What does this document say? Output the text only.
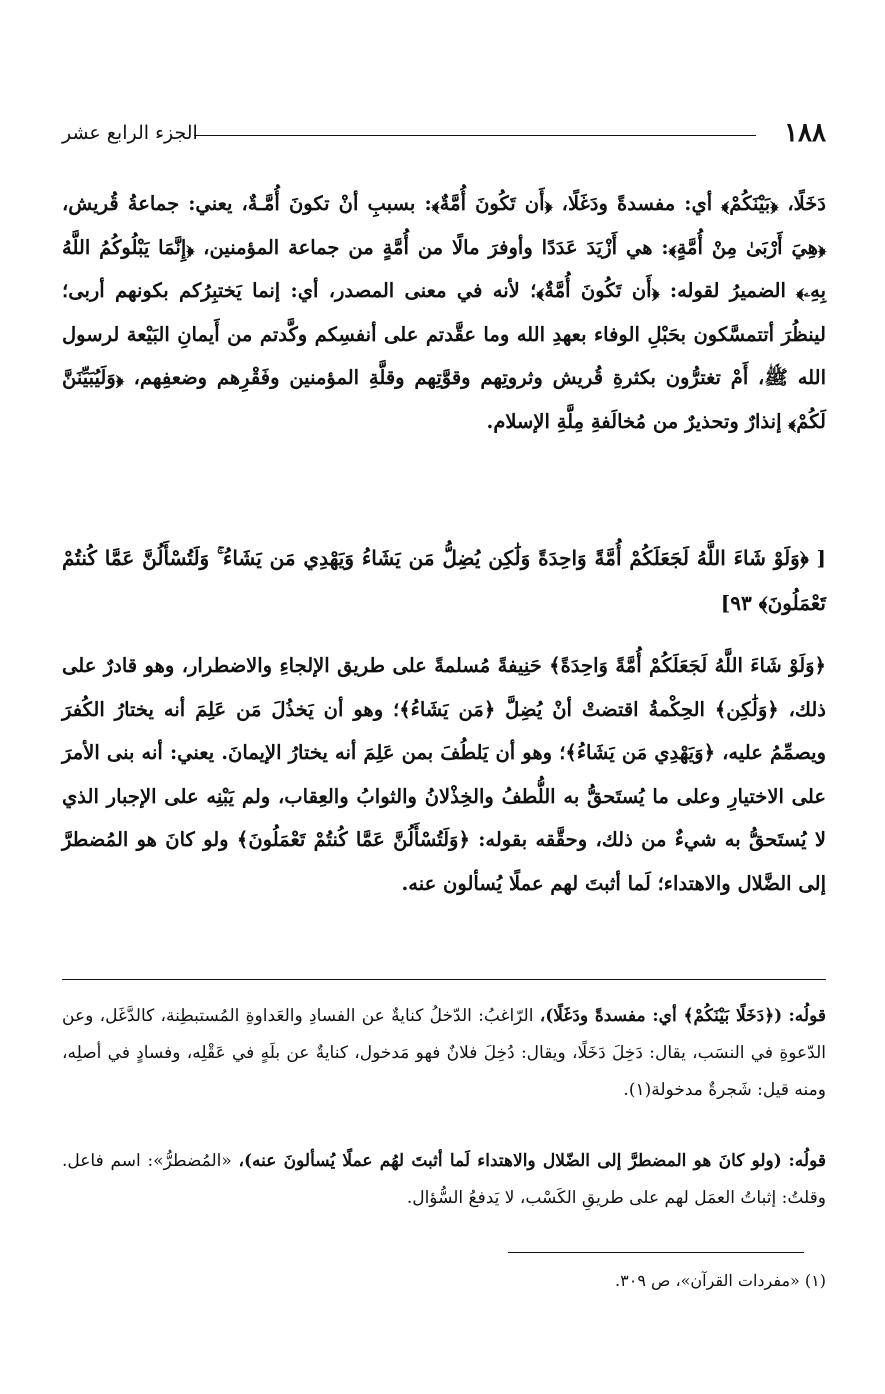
١٨٨
الجزء الرابع عشر

دَخَلًا، ﴿بَيْنَكُمْ﴾ أي: مفسدةً ودَغَلًا، ﴿أَن تَكُونَ أُمَّةٌ﴾: بسببِ أنْ تكونَ أُمَّـةٌ، يعني: جماعةُ قُريش، ﴿هِيَ أَرْبَىٰ مِنْ أُمَّةٍ﴾: هي أَزْيَدَ عَدَدًا وأوفرَ مالًا من أُمَّةٍ من جماعة المؤمنين، ﴿إِنَّمَا يَبْلُوكُمُ اللَّهُ بِهِۦ﴾ الضميرُ لقوله: ﴿أَن تَكُونَ أُمَّةٌ﴾؛ لأنه في معنى المصدر، أي: إنما يَختبِرُكم بكونهم أربى؛ لينظُرَ أتتمسَّكون بحَبْلِ الوفاء بعهدِ الله وما عقَّدتم على أنفسِكم وكَّدتم من أَيمانِ البَيْعة لرسول الله ﷺ، أَمْ تغترُّون بكثرةِ قُريش وثروتِهم وقوَّتِهم وقلَّةِ المؤمنين وفَقْرِهم وضعفِهم، ﴿وَلَيُبَيِّنَنَّ لَكُمْ﴾ إنذارٌ وتحذيرٌ من مُخالَفةِ مِلَّةِ الإسلام.

[ ﴿وَلَوْ شَاءَ اللَّهُ لَجَعَلَكُمْ أُمَّةً وَاحِدَةً وَلَٰكِن يُضِلُّ مَن يَشَاءُ وَيَهْدِي مَن يَشَاءُ ۚ وَلَتُسْأَلُنَّ عَمَّا كُنتُمْ تَعْمَلُونَ﴾ ٩٣]

﴿وَلَوْ شَاءَ اللَّهُ لَجَعَلَكُمْ أُمَّةً وَاحِدَةً﴾ حَنِيفةً مُسلمةً على طريق الإلجاءِ والاضطرار، وهو قادرٌ على ذلك، ﴿وَلَٰكِن﴾ الحِكْمةُ اقتضتْ أنْ يُضِلَّ ﴿مَن يَشَاءُ﴾؛ وهو أن يَخذُلَ مَن عَلِمَ أنه يختارُ الكُفرَ ويصمِّمُ عليه، ﴿وَيَهْدِي مَن يَشَاءُ﴾؛ وهو أن يَلطُفَ بمن عَلِمَ أنه يختارُ الإيمانَ. يعني: أنه بنى الأمرَ على الاختيارِ وعلى ما يُستَحقُّ به اللُّطفُ والخِذْلانُ والثوابُ والعِقاب، ولم يَبْنِه على الإجبار الذي لا يُستَحقُّ به شيءٌ من ذلك، وحقَّقه بقوله: ﴿وَلَتُسْأَلُنَّ عَمَّا كُنتُمْ تَعْمَلُونَ﴾ ولو كانَ هو المُضطرَّ إلى الضَّلال والاهتداء؛ لَما أثبتَ لهم عملًا يُسألون عنه.

قولُه: (﴿دَخَلًا بَيْنَكُمْ﴾ أي: مفسدةً ودَغَلًا)، الرّاغبُ: الدّخلُ كنايةٌ عن الفسادِ والعَداوةِ المُستبطِنة، كالدَّغَل، وعن الدّعوةِ في النسَب، يقال: دَخِلَ دَخَلًا، ويقال: دُخِلَ فلانٌ فهو مَدخول، كنايةٌ عن بلَهٍ في عَقْلِه، وفسادٍ في أصلِه، ومنه قيل: شَجرةٌ مدخولة(١).

قولُه: (ولو كانَ هو المضطرَّ إلى الضّلال والاهتداء لَما أثبتَ لهُم عملًا يُسألونَ عنه)، «المُضطرُّ»: اسم فاعل. وقلتُ: إثباتُ العمَل لهم على طريقِ الكَسْب، لا يَدفعُ السُّؤال.

(١) «مفردات القرآن»، ص ٣٠٩.
